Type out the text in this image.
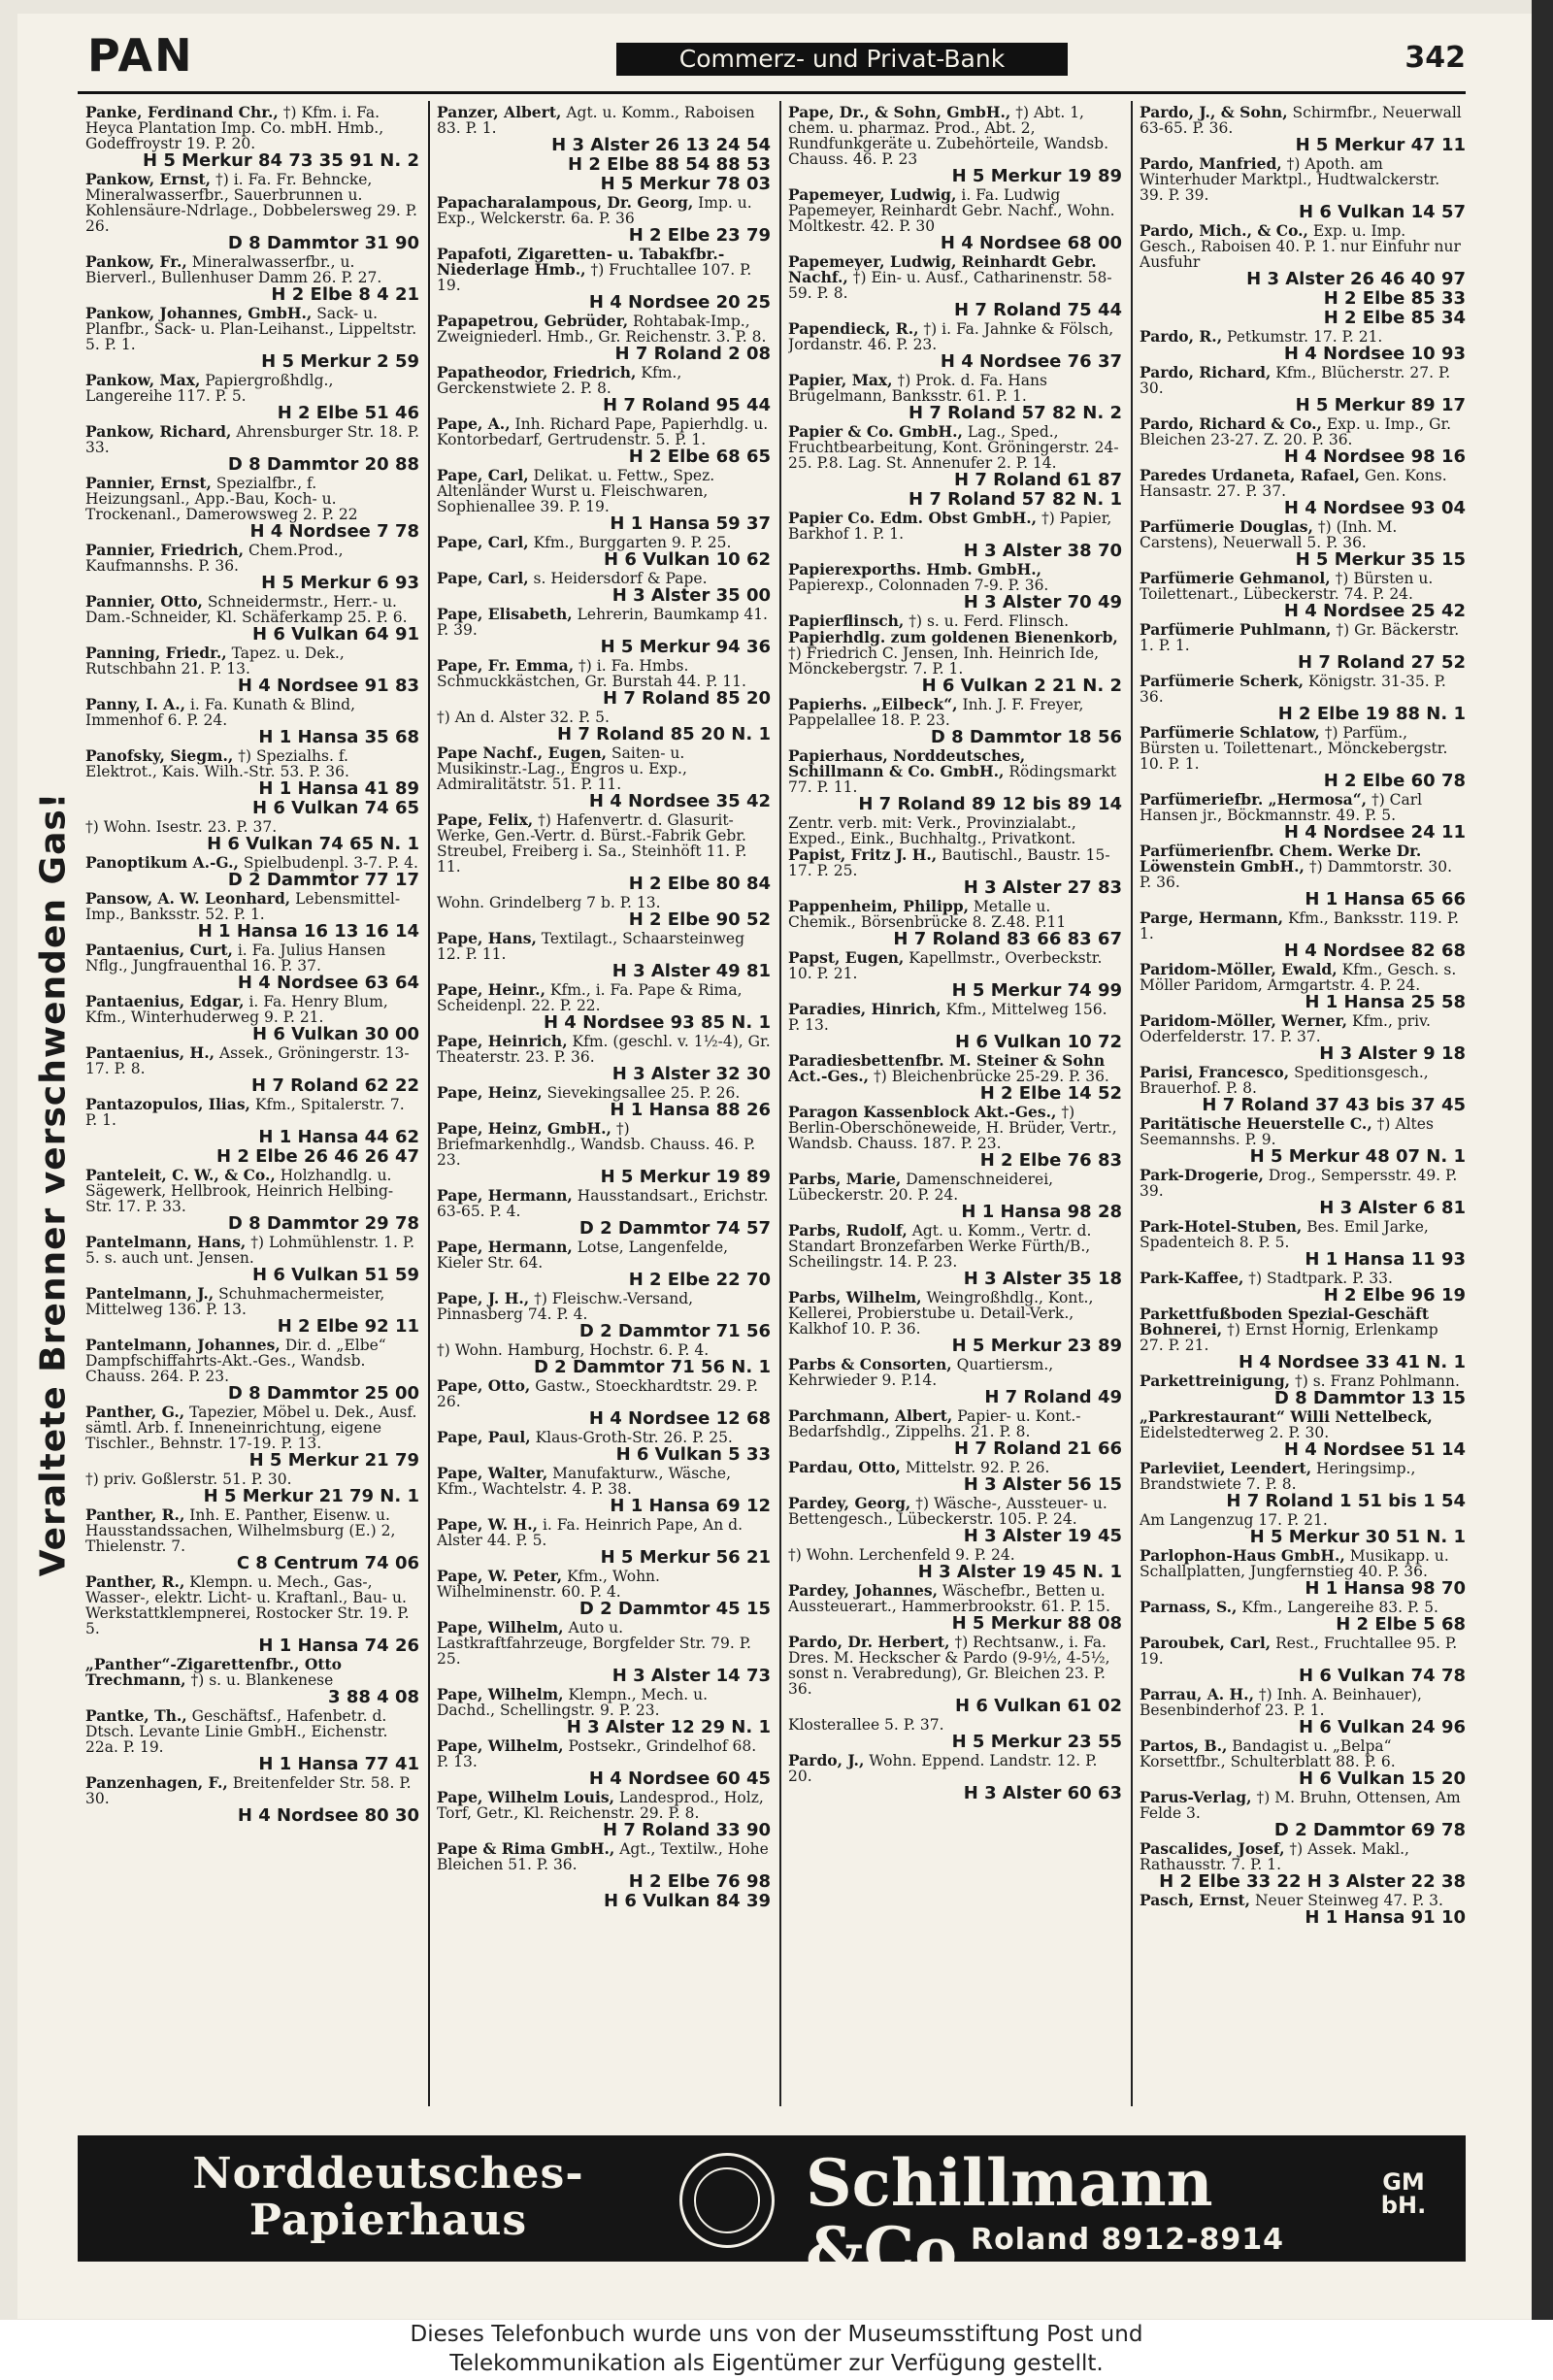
PAN	Commerz- und Privat-Bank	342
Veraltete Brenner verschwenden Gas!
Panke, Ferdinand Chr., †) Kfm. i. Fa. Heyca Plantation Imp. Co. mbH. Hmb., Godeffroystr 19. P. 20.
H 5 Merkur 84 73 35 91 N. 2
Pankow, Ernst, †) i. Fa. Fr. Behncke, Mineralwasserfbr., Sauerbrunnen u. Kohlensäure-Ndrlage., Dobbelersweg 29. P. 26.
D 8 Dammtor 31 90
Pankow, Fr., Mineralwasserfbr., u. Bierverl., Bullenhuser Damm 26. P. 27.
H 2 Elbe 8 4 21
Pankow, Johannes, GmbH., Sack- u. Planfbr., Sack- u. Plan-Leihanst., Lippeltstr. 5. P. 1.
H 5 Merkur 2 59
Pankow, Max, Papiergroßhdlg., Langereihe 117. P. 5.
H 2 Elbe 51 46
Pankow, Richard, Ahrensburger Str. 18. P. 33.
D 8 Dammtor 20 88
Pannier, Ernst, Spezialfbr., f. Heizungsanl., App.-Bau, Koch- u. Trockenanl., Damerowsweg 2. P. 22
H 4 Nordsee 7 78
Pannier, Friedrich, Chem.Prod., Kaufmannshs. P. 36.
H 5 Merkur 6 93
Pannier, Otto, Schneidermstr., Herr.- u. Dam.-Schneider, Kl. Schäferkamp 25. P. 6.
H 6 Vulkan 64 91
Panning, Friedr., Tapez. u. Dek., Rutschbahn 21. P. 13.
H 4 Nordsee 91 83
Panny, I. A., i. Fa. Kunath & Blind, Immenhof 6. P. 24.
H 1 Hansa 35 68
Panofsky, Siegm., †) Spezialhs. f. Elektrot., Kais. Wilh.-Str. 53. P. 36.
H 1 Hansa 41 89
H 6 Vulkan 74 65
†) Wohn. Isestr. 23. P. 37.
H 6 Vulkan 74 65 N. 1
Panoptikum A.-G., Spielbudenpl. 3-7. P. 4.
D 2 Dammtor 77 17
Pansow, A. W. Leonhard, Lebensmittel-Imp., Banksstr. 52. P. 1.
H 1 Hansa 16 13 16 14
Pantaenius, Curt, i. Fa. Julius Hansen Nflg., Jungfrauenthal 16. P. 37.
H 4 Nordsee 63 64
Pantaenius, Edgar, i. Fa. Henry Blum, Kfm., Winterhuderweg 9. P. 21.
H 6 Vulkan 30 00
Pantaenius, H., Assek., Gröningerstr. 13-17. P. 8.
H 7 Roland 62 22
Pantazopulos, Ilias, Kfm., Spitalerstr. 7. P. 1.
H 1 Hansa 44 62
H 2 Elbe 26 46 26 47
Panteleit, C. W., & Co., Holzhandlg. u. Sägewerk, Hellbrook, Heinrich Helbing-Str. 17. P. 33.
D 8 Dammtor 29 78
Pantelmann, Hans, †) Lohmühlenstr. 1. P. 5. s. auch unt. Jensen.
H 6 Vulkan 51 59
Pantelmann, J., Schuhmachermeister, Mittelweg 136. P. 13.
H 2 Elbe 92 11
Pantelmann, Johannes, Dir. d. „Elbe“ Dampfschiffahrts-Akt.-Ges., Wandsb. Chauss. 264. P. 23.
D 8 Dammtor 25 00
Panther, G., Tapezier, Möbel u. Dek., Ausf. sämtl. Arb. f. Inneneinrichtung, eigene Tischler., Behnstr. 17-19. P. 13.
H 5 Merkur 21 79
†) priv. Goßlerstr. 51. P. 30.
H 5 Merkur 21 79 N. 1
Panther, R., Inh. E. Panther, Eisenw. u. Hausstandssachen, Wilhelmsburg (E.) 2, Thielenstr. 7.
C 8 Centrum 74 06
Panther, R., Klempn. u. Mech., Gas-, Wasser-, elektr. Licht- u. Kraftanl., Bau- u. Werkstattklempnerei, Rostocker Str. 19. P. 5.
H 1 Hansa 74 26
„Panther“-Zigarettenfbr., Otto Trechmann, †) s. u. Blankenese
3 88 4 08
Pantke, Th., Geschäftsf., Hafenbetr. d. Dtsch. Levante Linie GmbH., Eichenstr. 22a. P. 19.
H 1 Hansa 77 41
Panzenhagen, F., Breitenfelder Str. 58. P. 30.
H 4 Nordsee 80 30
Panzer, Albert, Agt. u. Komm., Raboisen 83. P. 1.
H 3 Alster 26 13 24 54
H 2 Elbe 88 54 88 53
H 5 Merkur 78 03
Papacharalampous, Dr. Georg, Imp. u. Exp., Welckerstr. 6a. P. 36
H 2 Elbe 23 79
Papafoti, Zigaretten- u. Tabakfbr.-Niederlage Hmb., †) Fruchtallee 107. P. 19.
H 4 Nordsee 20 25
Papapetrou, Gebrüder, Rohtabak-Imp., Zweigniederl. Hmb., Gr. Reichenstr. 3. P. 8.
H 7 Roland 2 08
Papatheodor, Friedrich, Kfm., Gerckenstwiete 2. P. 8.
H 7 Roland 95 44
Pape, A., Inh. Richard Pape, Papierhdlg. u. Kontorbedarf, Gertrudenstr. 5. P. 1.
H 2 Elbe 68 65
Pape, Carl, Delikat. u. Fettw., Spez. Altenländer Wurst u. Fleischwaren, Sophienallee 39. P. 19.
H 1 Hansa 59 37
Pape, Carl, Kfm., Burggarten 9. P. 25.
H 6 Vulkan 10 62
Pape, Carl, s. Heidersdorf & Pape.
H 3 Alster 35 00
Pape, Elisabeth, Lehrerin, Baumkamp 41. P. 39.
H 5 Merkur 94 36
Pape, Fr. Emma, †) i. Fa. Hmbs. Schmuckkästchen, Gr. Burstah 44. P. 11.
H 7 Roland 85 20
†) An d. Alster 32. P. 5.
H 7 Roland 85 20 N. 1
Pape Nachf., Eugen, Saiten- u. Musikinstr.-Lag., Engros u. Exp., Admiralitätstr. 51. P. 11.
H 4 Nordsee 35 42
Pape, Felix, †) Hafenvertr. d. Glasurit-Werke, Gen.-Vertr. d. Bürst.-Fabrik Gebr. Streubel, Freiberg i. Sa., Steinhöft 11. P. 11.
H 2 Elbe 80 84
Wohn. Grindelberg 7 b. P. 13.
H 2 Elbe 90 52
Pape, Hans, Textilagt., Schaarsteinweg 12. P. 11.
H 3 Alster 49 81
Pape, Heinr., Kfm., i. Fa. Pape & Rima, Scheidenpl. 22. P. 22.
H 4 Nordsee 93 85 N. 1
Pape, Heinrich, Kfm. (geschl. v. 1½-4), Gr. Theaterstr. 23. P. 36.
H 3 Alster 32 30
Pape, Heinz, Sievekingsallee 25. P. 26.
H 1 Hansa 88 26
Pape, Heinz, GmbH., †) Briefmarkenhdlg., Wandsb. Chauss. 46. P. 23.
H 5 Merkur 19 89
Pape, Hermann, Hausstandsart., Erichstr. 63-65. P. 4.
D 2 Dammtor 74 57
Pape, Hermann, Lotse, Langenfelde, Kieler Str. 64.
H 2 Elbe 22 70
Pape, J. H., †) Fleischw.-Versand, Pinnasberg 74. P. 4.
D 2 Dammtor 71 56
†) Wohn. Hamburg, Hochstr. 6. P. 4.
D 2 Dammtor 71 56 N. 1
Pape, Otto, Gastw., Stoeckhardtstr. 29. P. 26.
H 4 Nordsee 12 68
Pape, Paul, Klaus-Groth-Str. 26. P. 25.
H 6 Vulkan 5 33
Pape, Walter, Manufakturw., Wäsche, Kfm., Wachtelstr. 4. P. 38.
H 1 Hansa 69 12
Pape, W. H., i. Fa. Heinrich Pape, An d. Alster 44. P. 5.
H 5 Merkur 56 21
Pape, W. Peter, Kfm., Wohn. Wilhelminenstr. 60. P. 4.
D 2 Dammtor 45 15
Pape, Wilhelm, Auto u. Lastkraftfahrzeuge, Borgfelder Str. 79. P. 25.
H 3 Alster 14 73
Pape, Wilhelm, Klempn., Mech. u. Dachd., Schellingstr. 9. P. 23.
H 3 Alster 12 29 N. 1
Pape, Wilhelm, Postsekr., Grindelhof 68. P. 13.
H 4 Nordsee 60 45
Pape, Wilhelm Louis, Landesprod., Holz, Torf, Getr., Kl. Reichenstr. 29. P. 8.
H 7 Roland 33 90
Pape & Rima GmbH., Agt., Textilw., Hohe Bleichen 51. P. 36.
H 2 Elbe 76 98
H 6 Vulkan 84 39
Pape, Dr., & Sohn, GmbH., †) Abt. 1, chem. u. pharmaz. Prod., Abt. 2, Rundfunkgeräte u. Zubehörteile, Wandsb. Chauss. 46. P. 23
H 5 Merkur 19 89
Papemeyer, Ludwig, i. Fa. Ludwig Papemeyer, Reinhardt Gebr. Nachf., Wohn. Moltkestr. 42. P. 30
H 4 Nordsee 68 00
Papemeyer, Ludwig, Reinhardt Gebr. Nachf., †) Ein- u. Ausf., Catharinenstr. 58-59. P. 8.
H 7 Roland 75 44
Papendieck, R., †) i. Fa. Jahnke & Fölsch, Jordanstr. 46. P. 23.
H 4 Nordsee 76 37
Papier, Max, †) Prok. d. Fa. Hans Brügelmann, Banksstr. 61. P. 1.
H 7 Roland 57 82 N. 2
Papier & Co. GmbH., Lag., Sped., Fruchtbearbeitung, Kont. Gröningerstr. 24-25. P.8. Lag. St. Annenufer 2. P. 14.
H 7 Roland 61 87
H 7 Roland 57 82 N. 1
Papier Co. Edm. Obst GmbH., †) Papier, Barkhof 1. P. 1.
H 3 Alster 38 70
Papierexporths. Hmb. GmbH., Papierexp., Colonnaden 7-9. P. 36.
H 3 Alster 70 49
Papierflinsch, †) s. u. Ferd. Flinsch.
Papierhdlg. zum goldenen Bienenkorb, †) Friedrich C. Jensen, Inh. Heinrich Ide, Mönckebergstr. 7. P. 1.
H 6 Vulkan 2 21 N. 2
Papierhs. „Eilbeck“, Inh. J. F. Freyer, Pappelallee 18. P. 23.
D 8 Dammtor 18 56
Papierhaus, Norddeutsches, Schillmann & Co. GmbH., Rödingsmarkt 77. P. 11.
H 7 Roland 89 12 bis 89 14
Zentr. verb. mit: Verk., Provinzialabt., Exped., Eink., Buchhaltg., Privatkont.
Papist, Fritz J. H., Bautischl., Baustr. 15-17. P. 25.
H 3 Alster 27 83
Pappenheim, Philipp, Metalle u. Chemik., Börsenbrücke 8. Z.48. P.11
H 7 Roland 83 66 83 67
Papst, Eugen, Kapellmstr., Overbeckstr. 10. P. 21.
H 5 Merkur 74 99
Paradies, Hinrich, Kfm., Mittelweg 156. P. 13.
H 6 Vulkan 10 72
Paradiesbettenfbr. M. Steiner & Sohn Act.-Ges., †) Bleichenbrücke 25-29. P. 36.
H 2 Elbe 14 52
Paragon Kassenblock Akt.-Ges., †) Berlin-Oberschöneweide, H. Brüder, Vertr., Wandsb. Chauss. 187. P. 23.
H 2 Elbe 76 83
Parbs, Marie, Damenschneiderei, Lübeckerstr. 20. P. 24.
H 1 Hansa 98 28
Parbs, Rudolf, Agt. u. Komm., Vertr. d. Standart Bronzefarben Werke Fürth/B., Scheilingstr. 14. P. 23.
H 3 Alster 35 18
Parbs, Wilhelm, Weingroßhdlg., Kont., Kellerei, Probierstube u. Detail-Verk., Kalkhof 10. P. 36.
H 5 Merkur 23 89
Parbs & Consorten, Quartiersm., Kehrwieder 9. P.14.
H 7 Roland 49
Parchmann, Albert, Papier- u. Kont.-Bedarfshdlg., Zippelhs. 21. P. 8.
H 7 Roland 21 66
Pardau, Otto, Mittelstr. 92. P. 26.
H 3 Alster 56 15
Pardey, Georg, †) Wäsche-, Aussteuer- u. Bettengesch., Lübeckerstr. 105. P. 24.
H 3 Alster 19 45
†) Wohn. Lerchenfeld 9. P. 24.
H 3 Alster 19 45 N. 1
Pardey, Johannes, Wäschefbr., Betten u. Aussteuerart., Hammerbrookstr. 61. P. 15.
H 5 Merkur 88 08
Pardo, Dr. Herbert, †) Rechtsanw., i. Fa. Dres. M. Heckscher & Pardo (9-9½, 4-5½, sonst n. Verabredung), Gr. Bleichen 23. P. 36.
H 6 Vulkan 61 02
Klosterallee 5. P. 37.
H 5 Merkur 23 55
Pardo, J., Wohn. Eppend. Landstr. 12. P. 20.
H 3 Alster 60 63
Pardo, J., & Sohn, Schirmfbr., Neuerwall 63-65. P. 36.
H 5 Merkur 47 11
Pardo, Manfried, †) Apoth. am Winterhuder Marktpl., Hudtwalckerstr. 39. P. 39.
H 6 Vulkan 14 57
Pardo, Mich., & Co., Exp. u. Imp. Gesch., Raboisen 40. P. 1. nur Einfuhr nur Ausfuhr
H 3 Alster 26 46 40 97
H 2 Elbe 85 33
H 2 Elbe 85 34
Pardo, R., Petkumstr. 17. P. 21.
H 4 Nordsee 10 93
Pardo, Richard, Kfm., Blücherstr. 27. P. 30.
H 5 Merkur 89 17
Pardo, Richard & Co., Exp. u. Imp., Gr. Bleichen 23-27. Z. 20. P. 36.
H 4 Nordsee 98 16
Paredes Urdaneta, Rafael, Gen. Kons. Hansastr. 27. P. 37.
H 4 Nordsee 93 04
Parfümerie Douglas, †) (Inh. M. Carstens), Neuerwall 5. P. 36.
H 5 Merkur 35 15
Parfümerie Gehmanol, †) Bürsten u. Toilettenart., Lübeckerstr. 74. P. 24.
H 4 Nordsee 25 42
Parfümerie Puhlmann, †) Gr. Bäckerstr. 1. P. 1.
H 7 Roland 27 52
Parfümerie Scherk, Königstr. 31-35. P. 36.
H 2 Elbe 19 88 N. 1
Parfümerie Schlatow, †) Parfüm., Bürsten u. Toilettenart., Mönckebergstr. 10. P. 1.
H 2 Elbe 60 78
Parfümeriefbr. „Hermosa“, †) Carl Hansen jr., Böckmannstr. 49. P. 5.
H 4 Nordsee 24 11
Parfümerienfbr. Chem. Werke Dr. Löwenstein GmbH., †) Dammtorstr. 30. P. 36.
H 1 Hansa 65 66
Parge, Hermann, Kfm., Banksstr. 119. P. 1.
H 4 Nordsee 82 68
Paridom-Möller, Ewald, Kfm., Gesch. s. Möller Paridom, Armgartstr. 4. P. 24.
H 1 Hansa 25 58
Paridom-Möller, Werner, Kfm., priv. Oderfelderstr. 17. P. 37.
H 3 Alster 9 18
Parisi, Francesco, Speditionsgesch., Brauerhof. P. 8.
H 7 Roland 37 43 bis 37 45
Paritätische Heuerstelle C., †) Altes Seemannshs. P. 9.
H 5 Merkur 48 07 N. 1
Park-Drogerie, Drog., Sempersstr. 49. P. 39.
H 3 Alster 6 81
Park-Hotel-Stuben, Bes. Emil Jarke, Spadenteich 8. P. 5.
H 1 Hansa 11 93
Park-Kaffee, †) Stadtpark. P. 33.
H 2 Elbe 96 19
Parkettfußboden Spezial-Geschäft Bohnerei, †) Ernst Hornig, Erlenkamp 27. P. 21.
H 4 Nordsee 33 41 N. 1
Parkettreinigung, †) s. Franz Pohlmann.
D 8 Dammtor 13 15
„Parkrestaurant“ Willi Nettelbeck, Eidelstedterweg 2. P. 30.
H 4 Nordsee 51 14
Parleviiet, Leendert, Heringsimp., Brandstwiete 7. P. 8.
H 7 Roland 1 51 bis 1 54
Am Langenzug 17. P. 21.
H 5 Merkur 30 51 N. 1
Parlophon-Haus GmbH., Musikapp. u. Schallplatten, Jungfernstieg 40. P. 36.
H 1 Hansa 98 70
Parnass, S., Kfm., Langereihe 83. P. 5.
H 2 Elbe 5 68
Paroubek, Carl, Rest., Fruchtallee 95. P. 19.
H 6 Vulkan 74 78
Parrau, A. H., †) Inh. A. Beinhauer), Besenbinderhof 23. P. 1.
H 6 Vulkan 24 96
Partos, B., Bandagist u. „Belpa“ Korsettfbr., Schulterblatt 88. P. 6.
H 6 Vulkan 15 20
Parus-Verlag, †) M. Bruhn, Ottensen, Am Felde 3.
D 2 Dammtor 69 78
Pascalides, Josef, †) Assek. Makl., Rathausstr. 7. P. 1.
H 2 Elbe 33 22 H 3 Alster 22 38
Pasch, Ernst, Neuer Steinweg 47. P. 3.
H 1 Hansa 91 10
Norddeutsches-
Papierhaus	Schillmann &Co
GM
bH.
Roland 8912-8914
Dieses Telefonbuch wurde uns von der Museumsstiftung Post und
Telekommunikation als Eigentümer zur Verfügung gestellt.
